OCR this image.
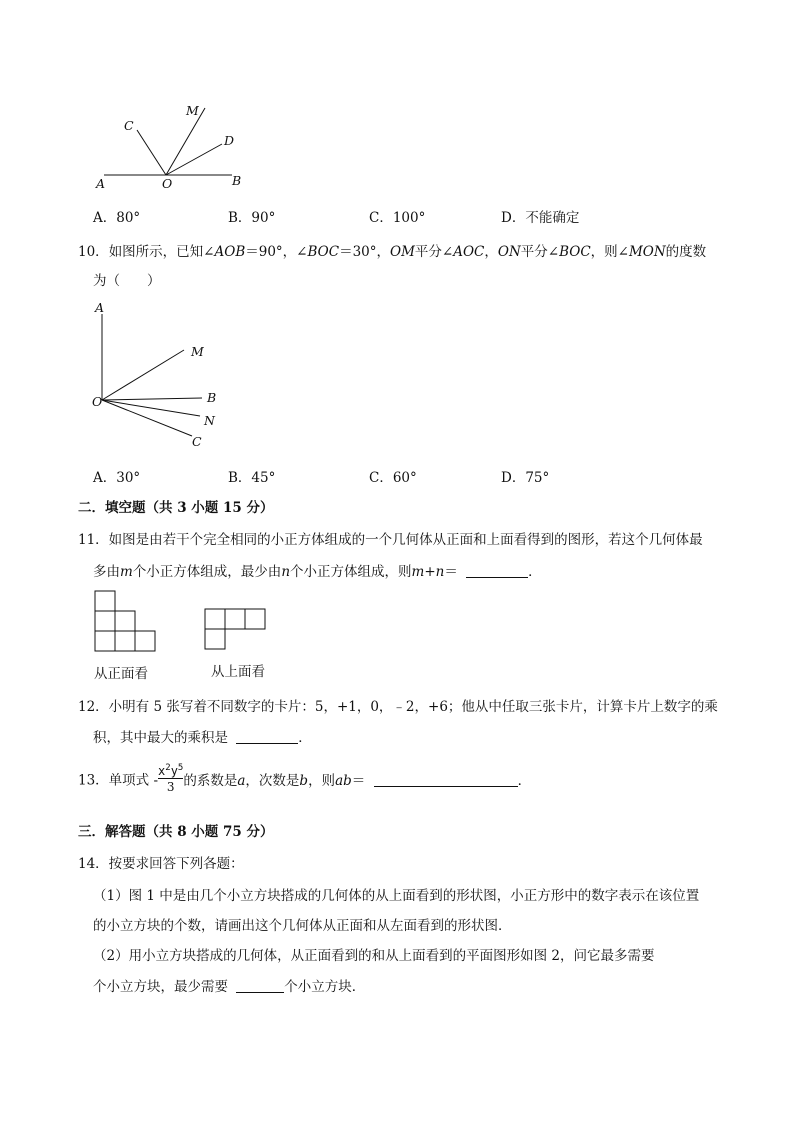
A	O	B
C
M
D
A．80°	B．90°	C．100°	D．不能确定
10．如图所示，已知∠AOB＝90°，∠BOC＝30°，OM平分∠AOC，ON平分∠BOC，则∠MON的度数
为（　　）
A
M
O	B
N
C
A．30°	B．45°	C．60°	D．75°
二．填空题（共 3 小题 15 分）
11．如图是由若干个完全相同的小正方体组成的一个几何体从正面和上面看得到的图形，若这个几何体最
多由m个小正方体组成，最少由n个小正方体组成，则m+n＝	．
从正面看	从上面看
12．小明有 5 张写着不同数字的卡片：5，+1，0，﹣2，+6；他从中任取三张卡片，计算卡片上数字的乘
积，其中最大的乘积是	．
13．单项式 - $\frac{x^2y^5}{3}$ 的系数是a，次数是b，则ab＝	．
三．解答题（共 8 小题 75 分）
14．按要求回答下列各题：
（1）图 1 中是由几个小立方块搭成的几何体的从上面看到的形状图，小正方形中的数字表示在该位置
的小立方块的个数，请画出这个几何体从正面和从左面看到的形状图．
（2）用小立方块搭成的几何体，从正面看到的和从上面看到的平面图形如图 2，问它最多需要
个小立方块，最少需要	个小立方块．
